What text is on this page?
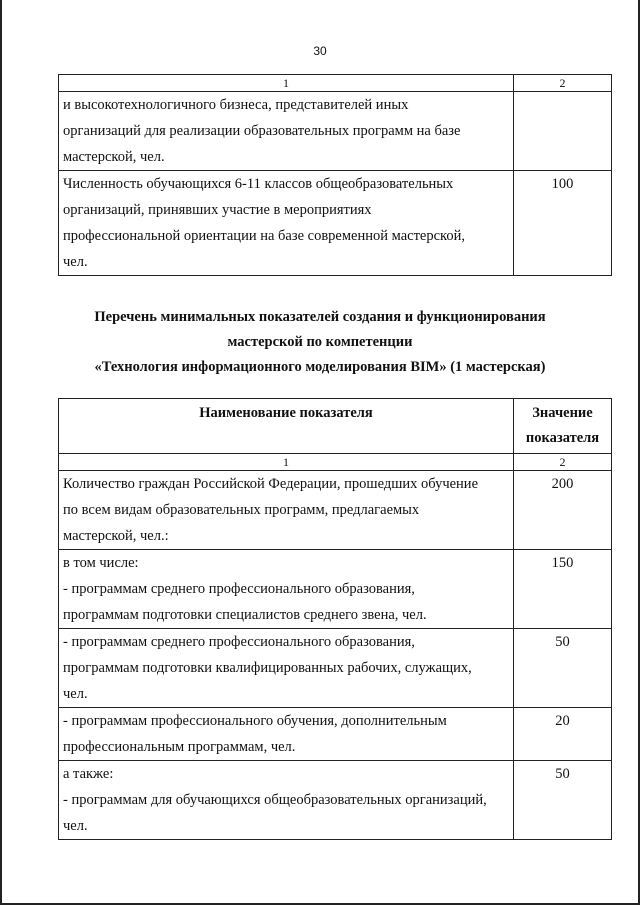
30
1	2

и высокотехнологичного бизнеса, представителей иных
организаций для реализации образовательных программ на базе
мастерской, чел.	

Численность обучающихся 6-11 классов общеобразовательных
организаций, принявших участие в мероприятиях
профессиональной ориентации на базе современной мастерской,
чел.	100
Перечень минимальных показателей создания и функционирования
мастерской по компетенции
«Технология информационного моделирования BIM» (1 мастерская)
Наименование показателя	Значение
показателя

1	2

Количество граждан Российской Федерации, прошедших обучение
по всем видам образовательных программ, предлагаемых
мастерской, чел.:	200

в том числе:
- программам среднего профессионального образования,
программам подготовки специалистов среднего звена, чел.	150

- программам среднего профессионального образования,
программам подготовки квалифицированных рабочих, служащих,
чел.	50

- программам профессионального обучения, дополнительным
профессиональным программам, чел.	20

а также:
- программам для обучающихся общеобразовательных организаций,
чел.	50
